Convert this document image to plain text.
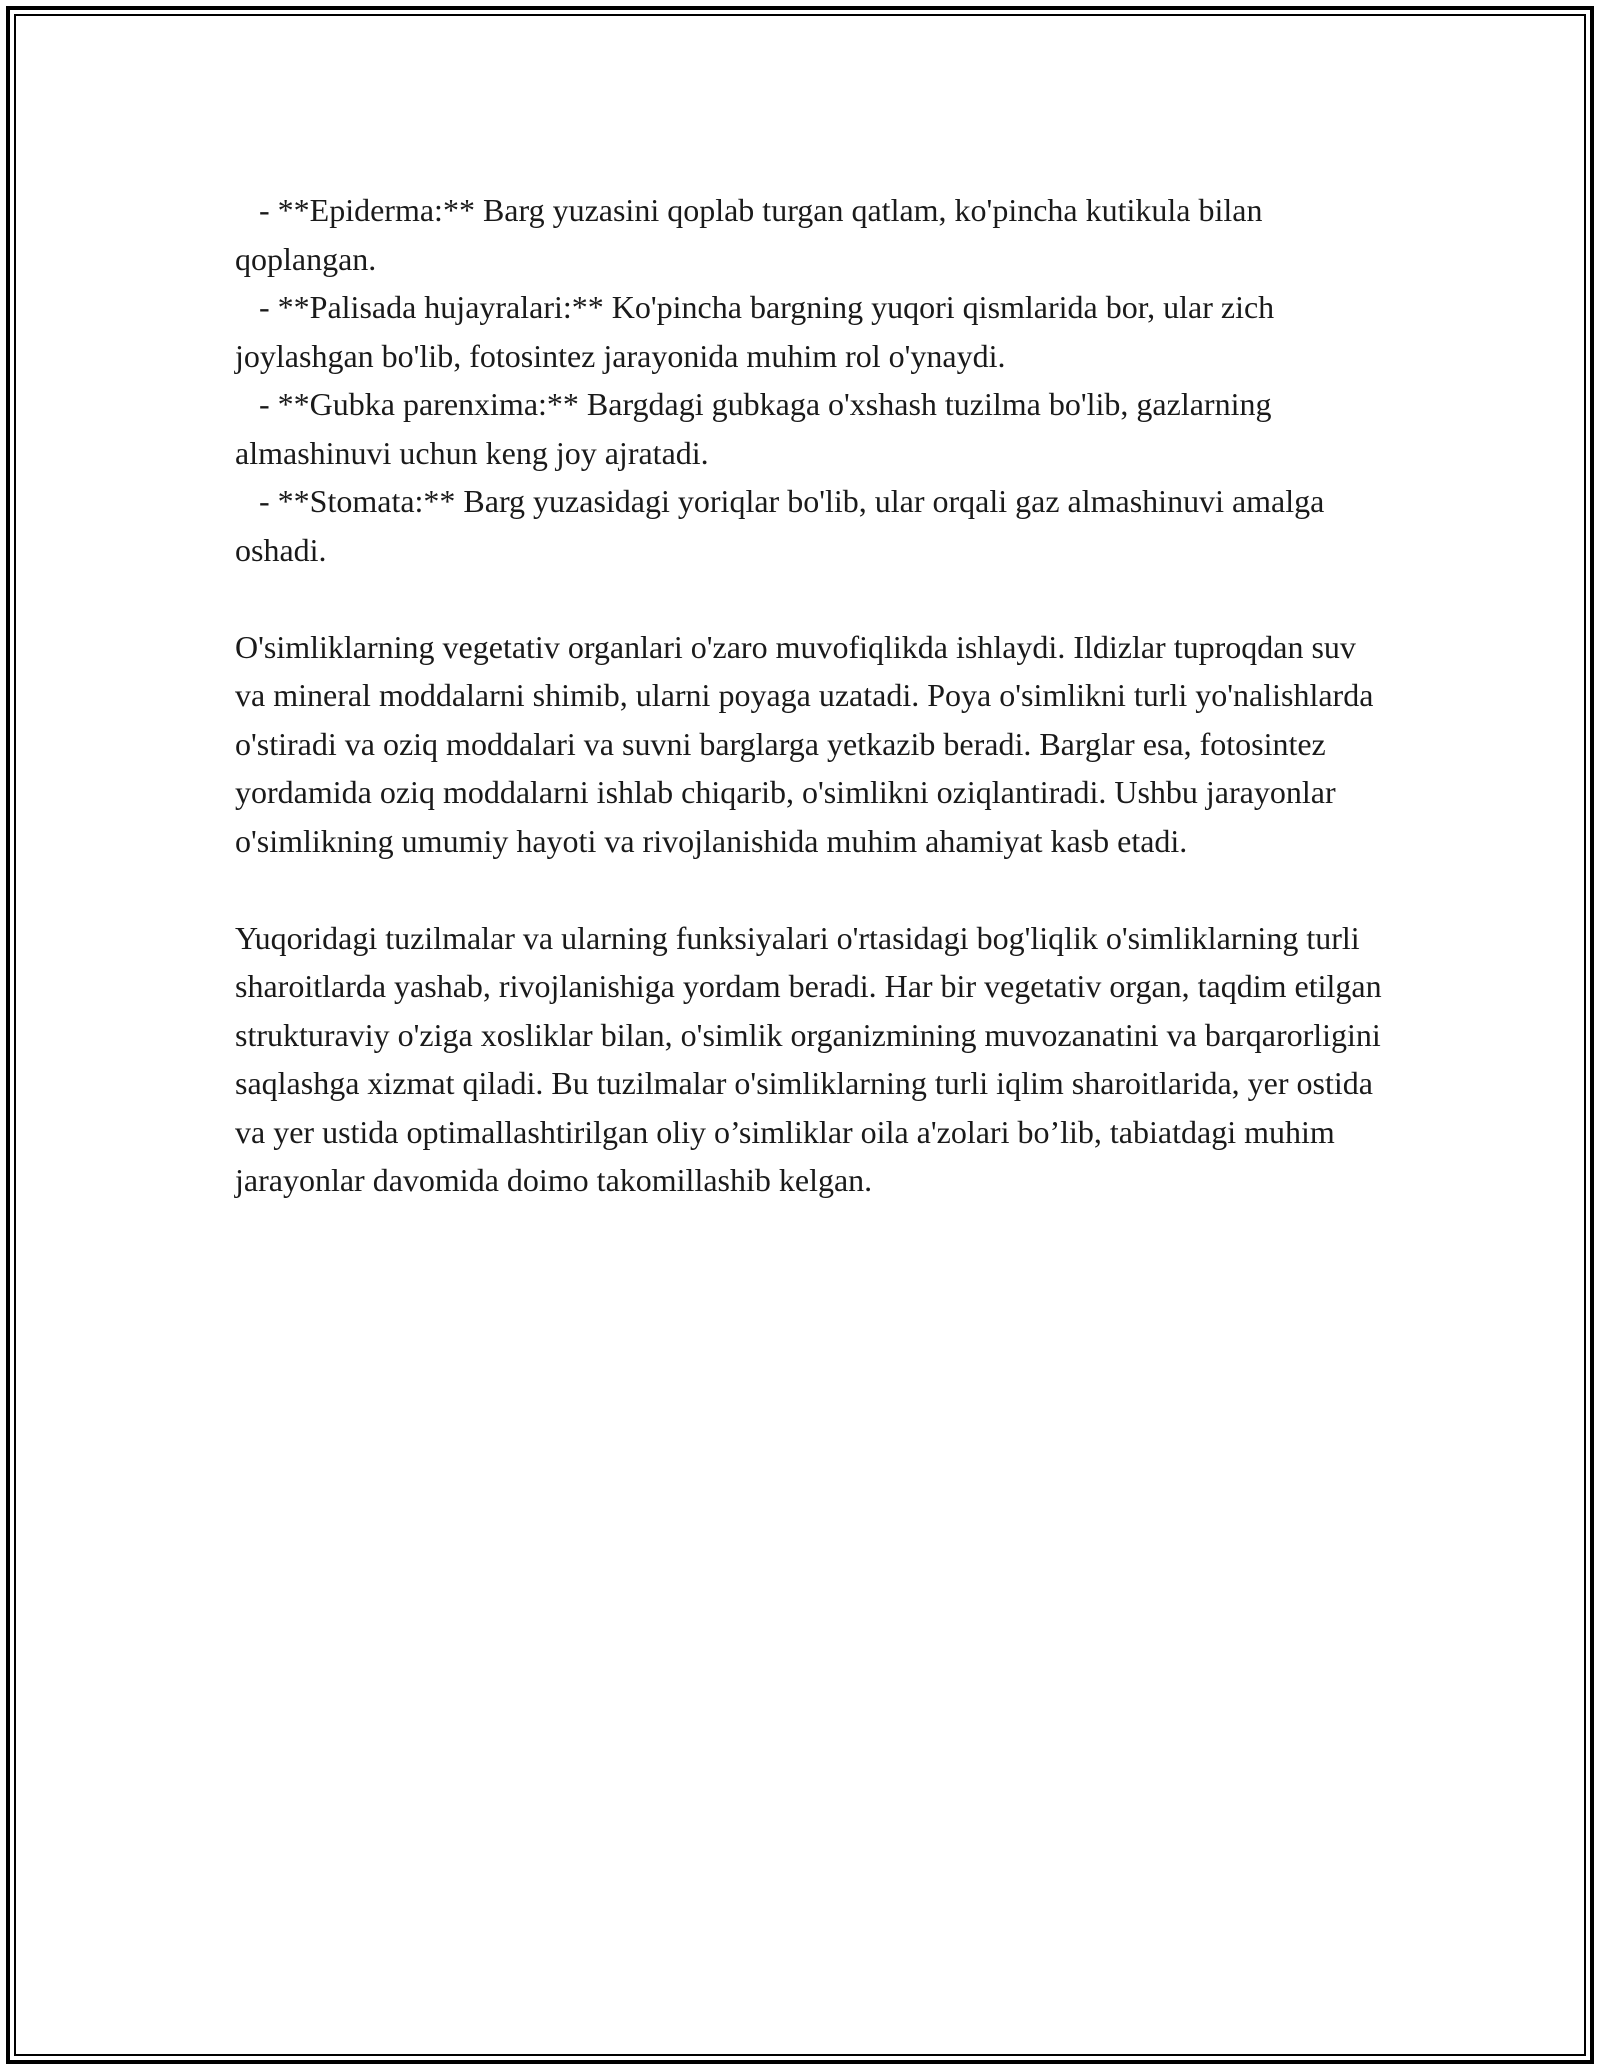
- **Epiderma:** Barg yuzasini qoplab turgan qatlam, ko'pincha kutikula bilan qoplangan.

- **Palisada hujayralari:** Ko'pincha bargning yuqori qismlarida bor, ular zich joylashgan bo'lib, fotosintez jarayonida muhim rol o'ynaydi.

- **Gubka parenxima:** Bargdagi gubkaga o'xshash tuzilma bo'lib, gazlarning almashinuvi uchun keng joy ajratadi.

- **Stomata:** Barg yuzasidagi yoriqlar bo'lib, ular orqali gaz almashinuvi amalga oshadi.

O'simliklarning vegetativ organlari o'zaro muvofiqlikda ishlaydi. Ildizlar tuproqdan suv va mineral moddalarni shimib, ularni poyaga uzatadi. Poya o'simlikni turli yo'nalishlarda o'stiradi va oziq moddalari va suvni barglarga yetkazib beradi. Barglar esa, fotosintez yordamida oziq moddalarni ishlab chiqarib, o'simlikni oziqlantiradi. Ushbu jarayonlar o'simlikning umumiy hayoti va rivojlanishida muhim ahamiyat kasb etadi.

Yuqoridagi tuzilmalar va ularning funksiyalari o'rtasidagi bog'liqlik o'simliklarning turli sharoitlarda yashab, rivojlanishiga yordam beradi. Har bir vegetativ organ, taqdim etilgan strukturaviy o'ziga xosliklar bilan, o'simlik organizmining muvozanatini va barqarorligini saqlashga xizmat qiladi. Bu tuzilmalar o'simliklarning turli iqlim sharoitlarida, yer ostida va yer ustida optimallashtirilgan oliy o’simliklar oila a'zolari bo’lib, tabiatdagi muhim jarayonlar davomida doimo takomillashib kelgan.
